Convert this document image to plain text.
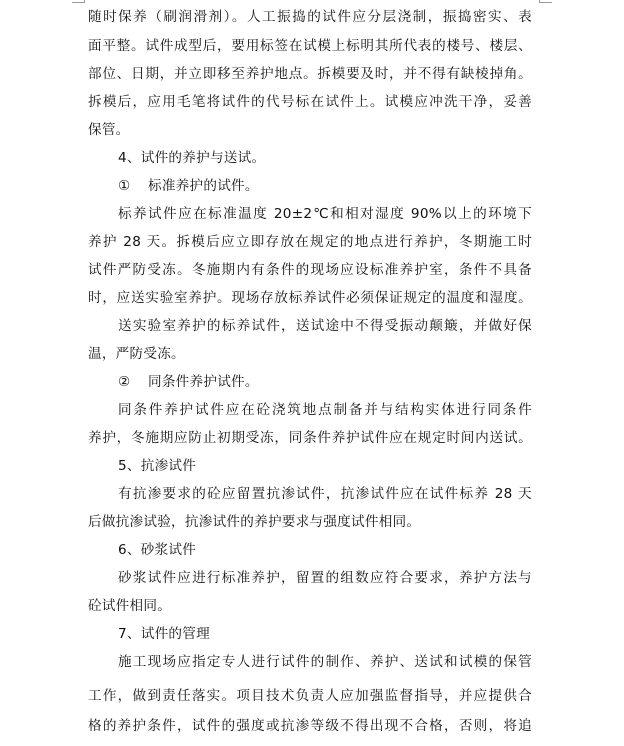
随时保养（刷润滑剂）。人工振捣的试件应分层浇制，振捣密实、表
面平整。试件成型后，要用标签在试模上标明其所代表的楼号、楼层、
部位、日期，并立即移至养护地点。拆模要及时，并不得有缺棱掉角。
拆模后，应用毛笔将试件的代号标在试件上。试模应冲洗干净，妥善
保管。
4、试件的养护与送试。
① 标准养护的试件。
标养试件应在标准温度 20±2℃和相对湿度 90%以上的环境下
养护 28 天。拆模后应立即存放在规定的地点进行养护，冬期施工时
试件严防受冻。冬施期内有条件的现场应设标准养护室，条件不具备
时，应送实验室养护。现场存放标养试件必须保证规定的温度和湿度。
送实验室养护的标养试件，送试途中不得受振动颠簸，并做好保
温，严防受冻。
② 同条件养护试件。
同条件养护试件应在砼浇筑地点制备并与结构实体进行同条件
养护，冬施期应防止初期受冻，同条件养护试件应在规定时间内送试。
5、抗渗试件
有抗渗要求的砼应留置抗渗试件，抗渗试件应在试件标养 28 天
后做抗渗试验，抗渗试件的养护要求与强度试件相同。
6、砂浆试件
砂浆试件应进行标准养护，留置的组数应符合要求，养护方法与
砼试件相同。
7、试件的管理
施工现场应指定专人进行试件的制作、养护、送试和试模的保管
工作，做到责任落实。项目技术负责人应加强监督指导，并应提供合
格的养护条件，试件的强度或抗渗等级不得出现不合格，否则，将追
